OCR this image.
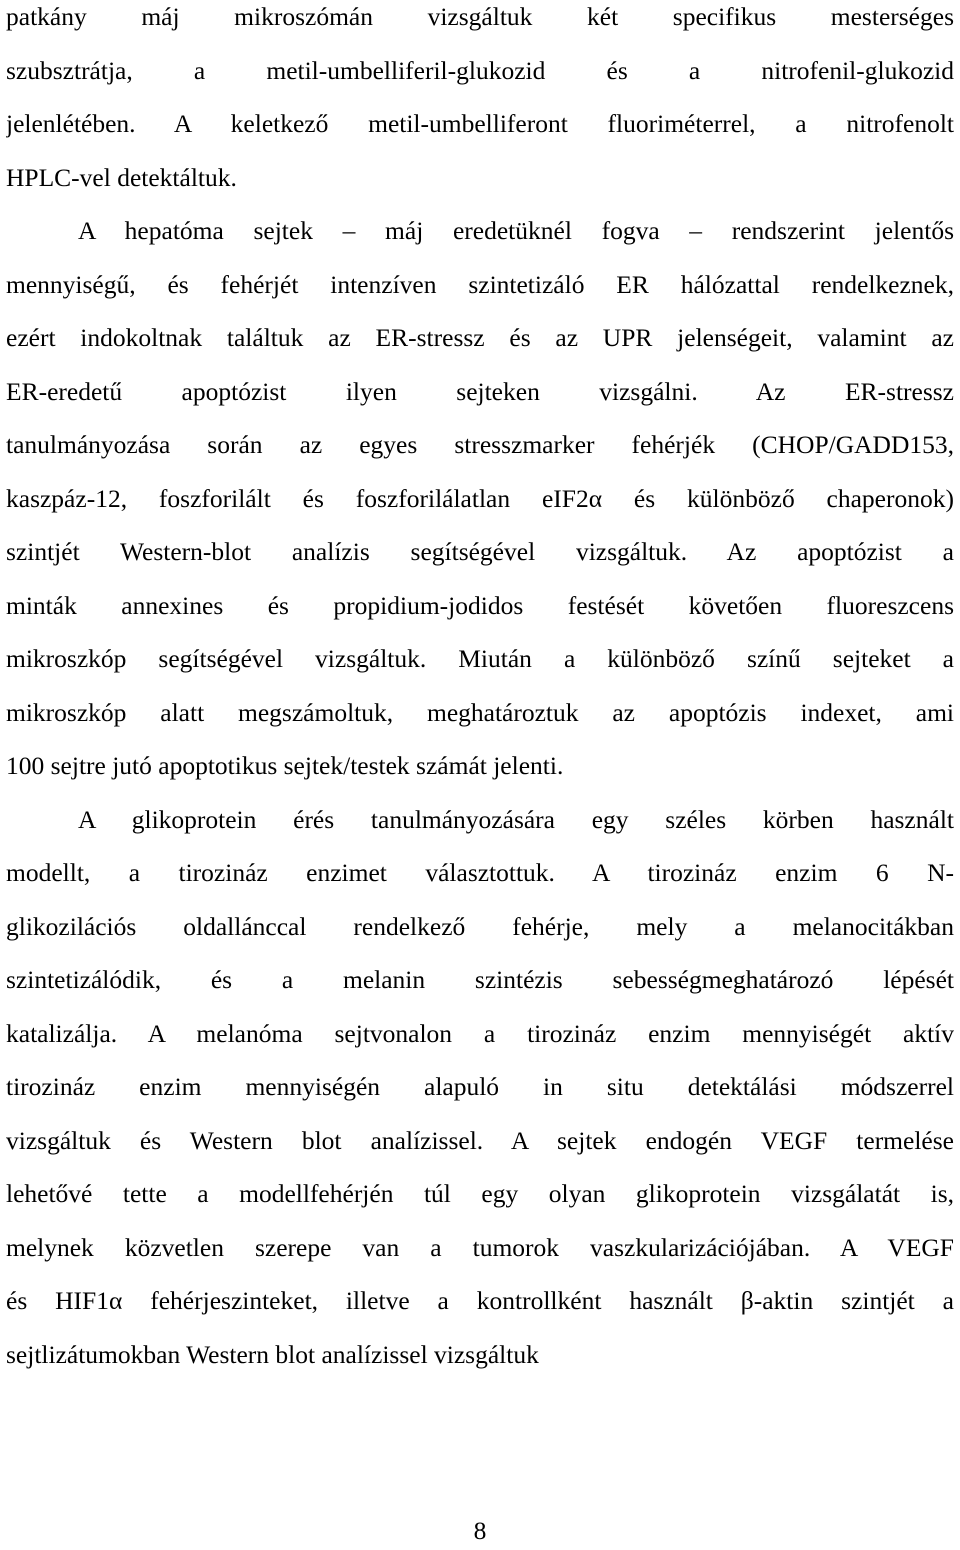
patkány máj mikroszómán vizsgáltuk két specifikus mesterséges
szubsztrátja, a metil-umbelliferil-glukozid és a nitrofenil-glukozid
jelenlétében. A keletkező metil-umbelliferont fluoriméterrel, a nitrofenolt
HPLC-vel detektáltuk.
A hepatóma sejtek – máj eredetüknél fogva – rendszerint jelentős
mennyiségű, és fehérjét intenzíven szintetizáló ER hálózattal rendelkeznek,
ezért indokoltnak találtuk az ER-stressz és az UPR jelenségeit, valamint az
ER-eredetű apoptózist ilyen sejteken vizsgálni. Az ER-stressz
tanulmányozása során az egyes stresszmarker fehérjék (CHOP/GADD153,
kaszpáz-12, foszforilált és foszforilálatlan eIF2α és különböző chaperonok)
szintjét Western-blot analízis segítségével vizsgáltuk. Az apoptózist a
minták annexines és propidium-jodidos festését követően fluoreszcens
mikroszkóp segítségével vizsgáltuk. Miután a különböző színű sejteket a
mikroszkóp alatt megszámoltuk, meghatároztuk az apoptózis indexet, ami
100 sejtre jutó apoptotikus sejtek/testek számát jelenti.
A glikoprotein érés tanulmányozására egy széles körben használt
modellt, a tirozináz enzimet választottuk. A tirozináz enzim 6 N-
glikozilációs oldallánccal rendelkező fehérje, mely a melanocitákban
szintetizálódik, és a melanin szintézis sebességmeghatározó lépését
katalizálja. A melanóma sejtvonalon a tirozináz enzim mennyiségét aktív
tirozináz enzim mennyiségén alapuló in situ detektálási módszerrel
vizsgáltuk és Western blot analízissel. A sejtek endogén VEGF termelése
lehetővé tette a modellfehérjén túl egy olyan glikoprotein vizsgálatát is,
melynek közvetlen szerepe van a tumorok vaszkularizációjában. A VEGF
és HIF1α fehérjeszinteket, illetve a kontrollként használt β-aktin szintjét a
sejtlizátumokban Western blot analízissel vizsgáltuk
8
